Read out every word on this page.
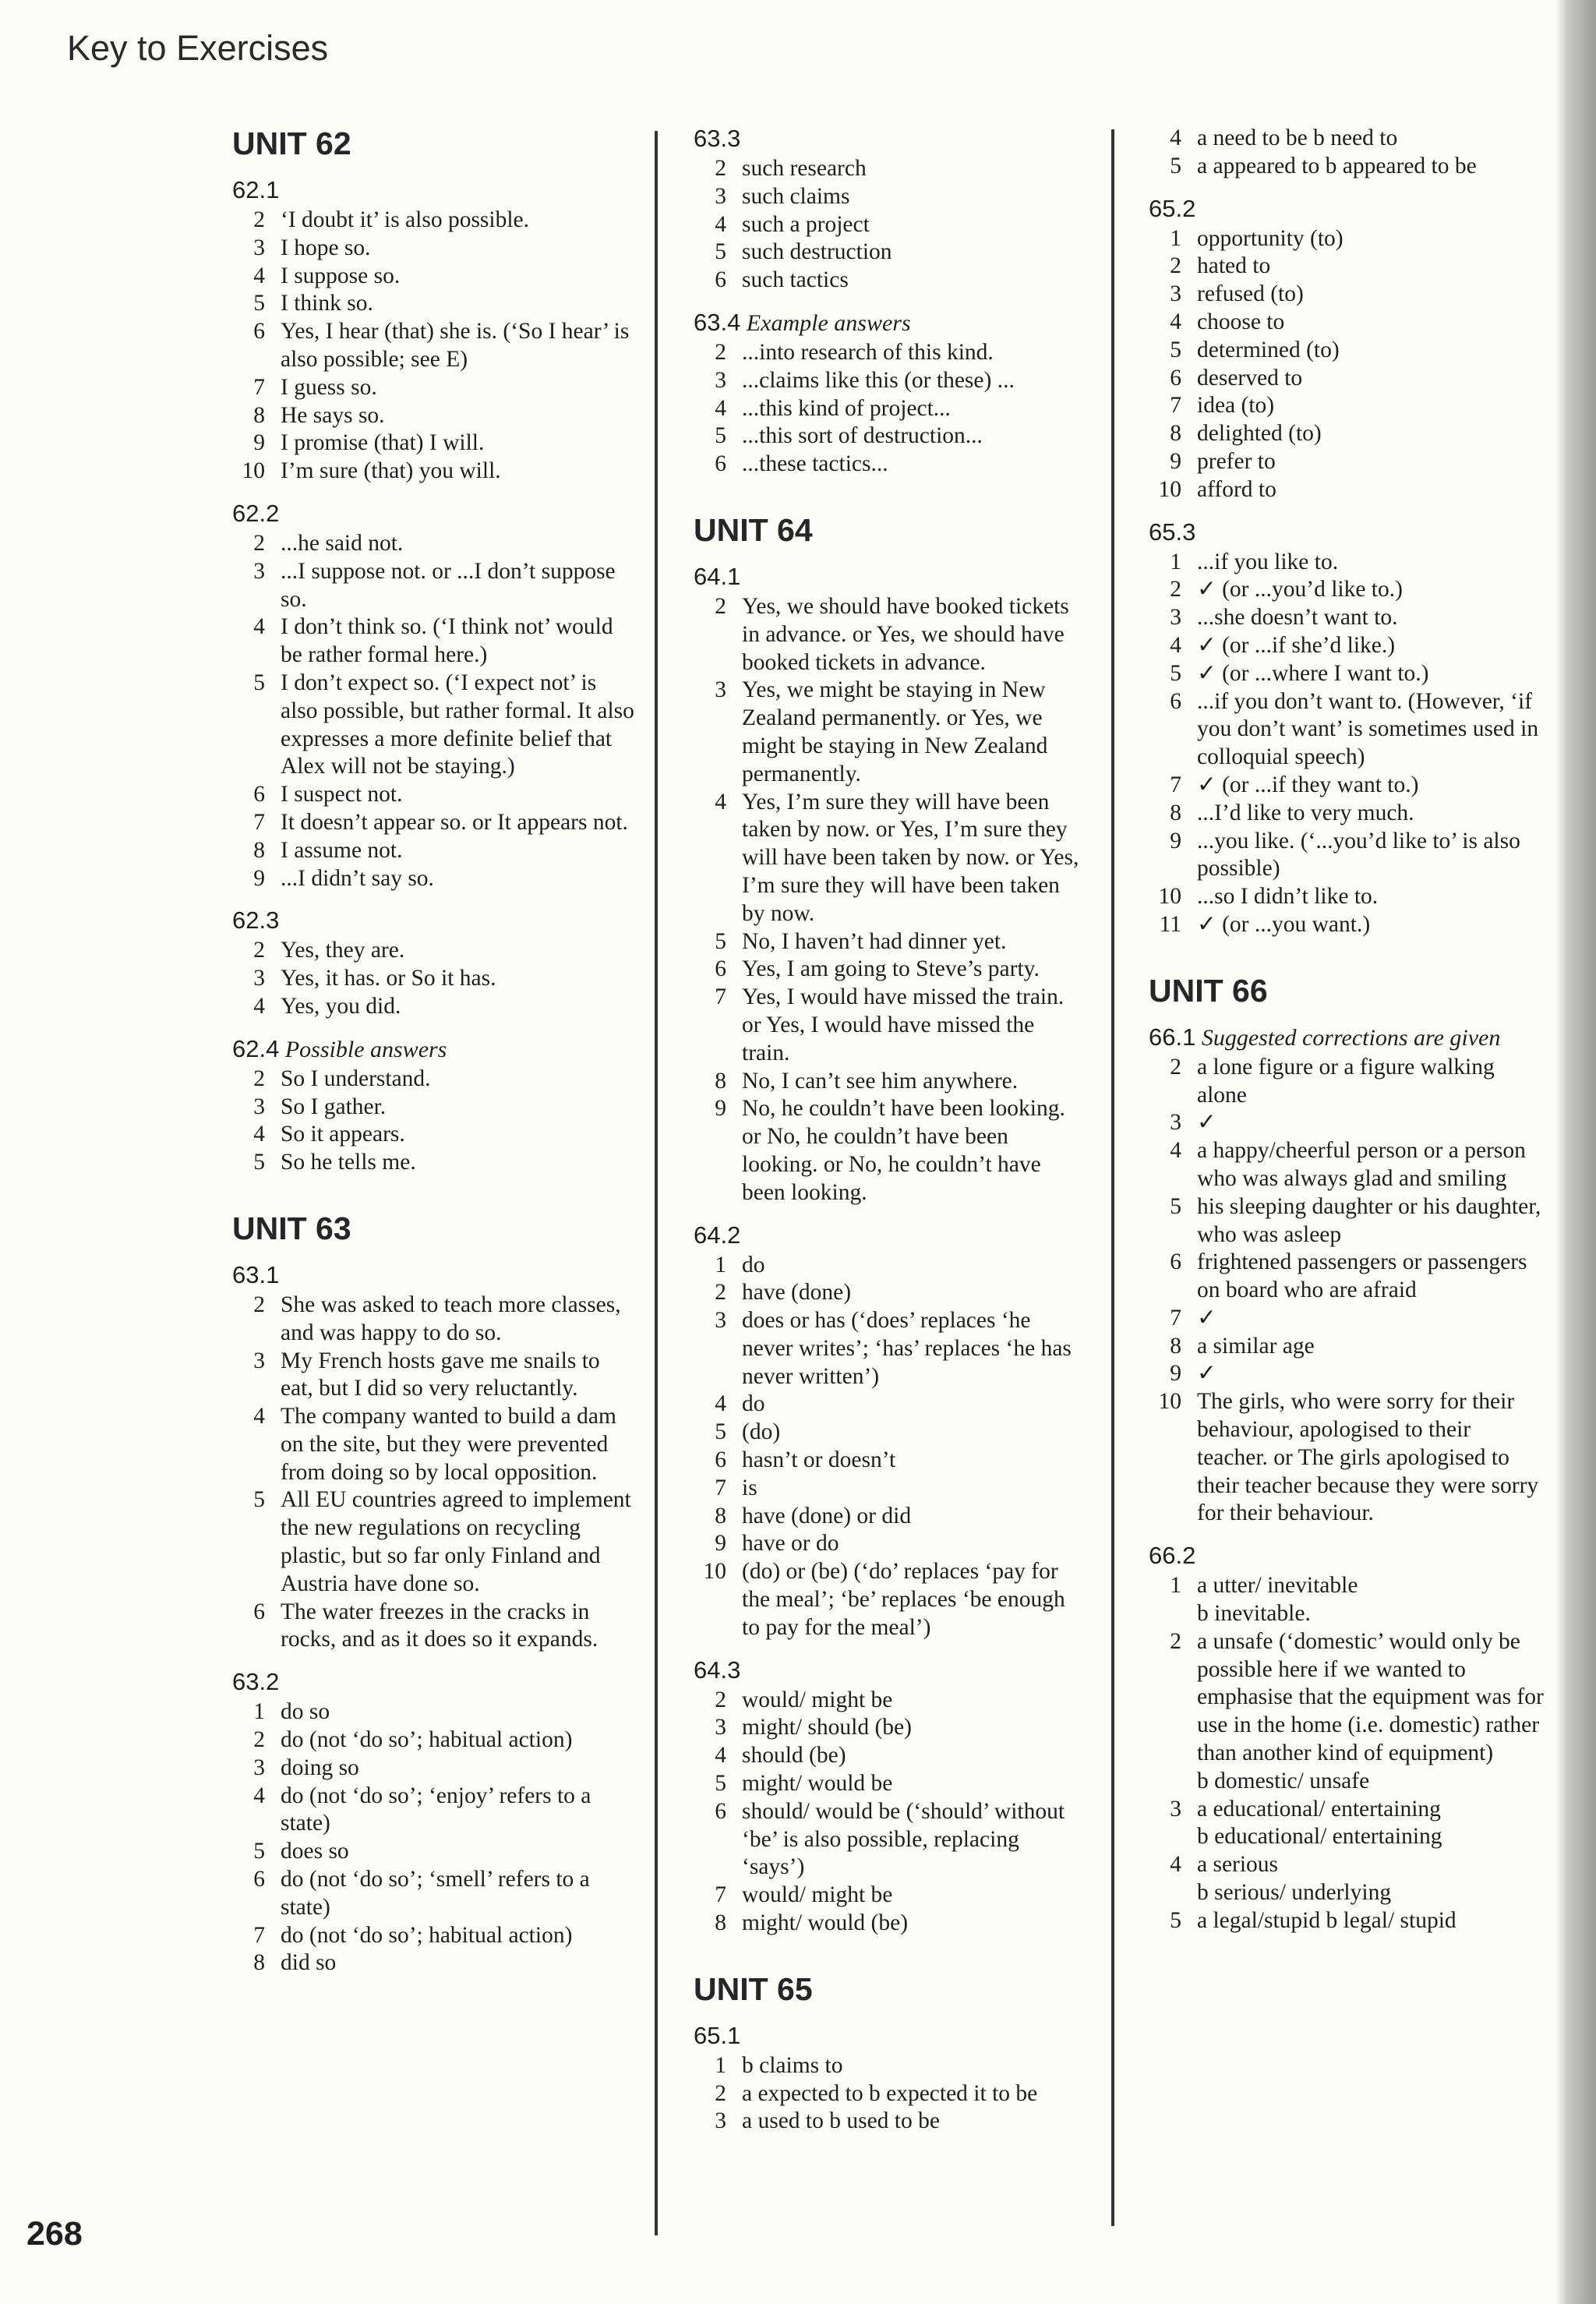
Key to Exercises
UNIT 62
62.1
2 ‘I doubt it’ is also possible.
3 I hope so.
4 I suppose so.
5 I think so.
6 Yes, I hear (that) she is. (‘So I hear’ is also possible; see E)
7 I guess so.
8 He says so.
9 I promise (that) I will.
10 I’m sure (that) you will.
62.2
2 ...he said not.
3 ...I suppose not. or ...I don’t suppose so.
4 I don’t think so. (‘I think not’ would be rather formal here.)
5 I don’t expect so. (‘I expect not’ is also possible, but rather formal. It also expresses a more definite belief that Alex will not be staying.)
6 I suspect not.
7 It doesn’t appear so. or It appears not.
8 I assume not.
9 ...I didn’t say so.
62.3
2 Yes, they are.
3 Yes, it has. or So it has.
4 Yes, you did.
62.4 Possible answers
2 So I understand.
3 So I gather.
4 So it appears.
5 So he tells me.
UNIT 63
63.1
2 She was asked to teach more classes, and was happy to do so.
3 My French hosts gave me snails to eat, but I did so very reluctantly.
4 The company wanted to build a dam on the site, but they were prevented from doing so by local opposition.
5 All EU countries agreed to implement the new regulations on recycling plastic, but so far only Finland and Austria have done so.
6 The water freezes in the cracks in rocks, and as it does so it expands.
63.2
1 do so
2 do (not ‘do so’; habitual action)
3 doing so
4 do (not ‘do so’; ‘enjoy’ refers to a state)
5 does so
6 do (not ‘do so’; ‘smell’ refers to a state)
7 do (not ‘do so’; habitual action)
8 did so
63.3
2 such research
3 such claims
4 such a project
5 such destruction
6 such tactics
63.4 Example answers
2 ...into research of this kind.
3 ...claims like this (or these) ...
4 ...this kind of project...
5 ...this sort of destruction...
6 ...these tactics...
UNIT 64
64.1
2 Yes, we should have booked tickets in advance. or Yes, we should have booked tickets in advance.
3 Yes, we might be staying in New Zealand permanently. or Yes, we might be staying in New Zealand permanently.
4 Yes, I’m sure they will have been taken by now. or Yes, I’m sure they will have been taken by now. or Yes, I’m sure they will have been taken by now.
5 No, I haven’t had dinner yet.
6 Yes, I am going to Steve’s party.
7 Yes, I would have missed the train. or Yes, I would have missed the train.
8 No, I can’t see him anywhere.
9 No, he couldn’t have been looking. or No, he couldn’t have been looking. or No, he couldn’t have been looking.
64.2
1 do
2 have (done)
3 does or has (‘does’ replaces ‘he never writes’; ‘has’ replaces ‘he has never written’)
4 do
5 (do)
6 hasn’t or doesn’t
7 is
8 have (done) or did
9 have or do
10 (do) or (be) (‘do’ replaces ‘pay for the meal’; ‘be’ replaces ‘be enough to pay for the meal’)
64.3
2 would/ might be
3 might/ should (be)
4 should (be)
5 might/ would be
6 should/ would be (‘should’ without ‘be’ is also possible, replacing ‘says’)
7 would/ might be
8 might/ would (be)
UNIT 65
65.1
1 b claims to
2 a expected to b expected it to be
3 a used to b used to be
4 a need to be b need to
5 a appeared to b appeared to be
65.2
1 opportunity (to)
2 hated to
3 refused (to)
4 choose to
5 determined (to)
6 deserved to
7 idea (to)
8 delighted (to)
9 prefer to
10 afford to
65.3
1 ...if you like to.
2 ✓ (or ...you’d like to.)
3 ...she doesn’t want to.
4 ✓ (or ...if she’d like.)
5 ✓ (or ...where I want to.)
6 ...if you don’t want to. (However, ‘if you don’t want’ is sometimes used in colloquial speech)
7 ✓ (or ...if they want to.)
8 ...I’d like to very much.
9 ...you like. (‘...you’d like to’ is also possible)
10 ...so I didn’t like to.
11 ✓ (or ...you want.)
UNIT 66
66.1 Suggested corrections are given
2 a lone figure or a figure walking alone
3 ✓
4 a happy/cheerful person or a person who was always glad and smiling
5 his sleeping daughter or his daughter, who was asleep
6 frightened passengers or passengers on board who are afraid
7 ✓
8 a similar age
9 ✓
10 The girls, who were sorry for their behaviour, apologised to their teacher. or The girls apologised to their teacher because they were sorry for their behaviour.
66.2
1 a utter/ inevitable
b inevitable.
2 a unsafe (‘domestic’ would only be possible here if we wanted to emphasise that the equipment was for use in the home (i.e. domestic) rather than another kind of equipment)
b domestic/ unsafe
3 a educational/ entertaining
b educational/ entertaining
4 a serious
b serious/ underlying
5 a legal/stupid b legal/ stupid
268
